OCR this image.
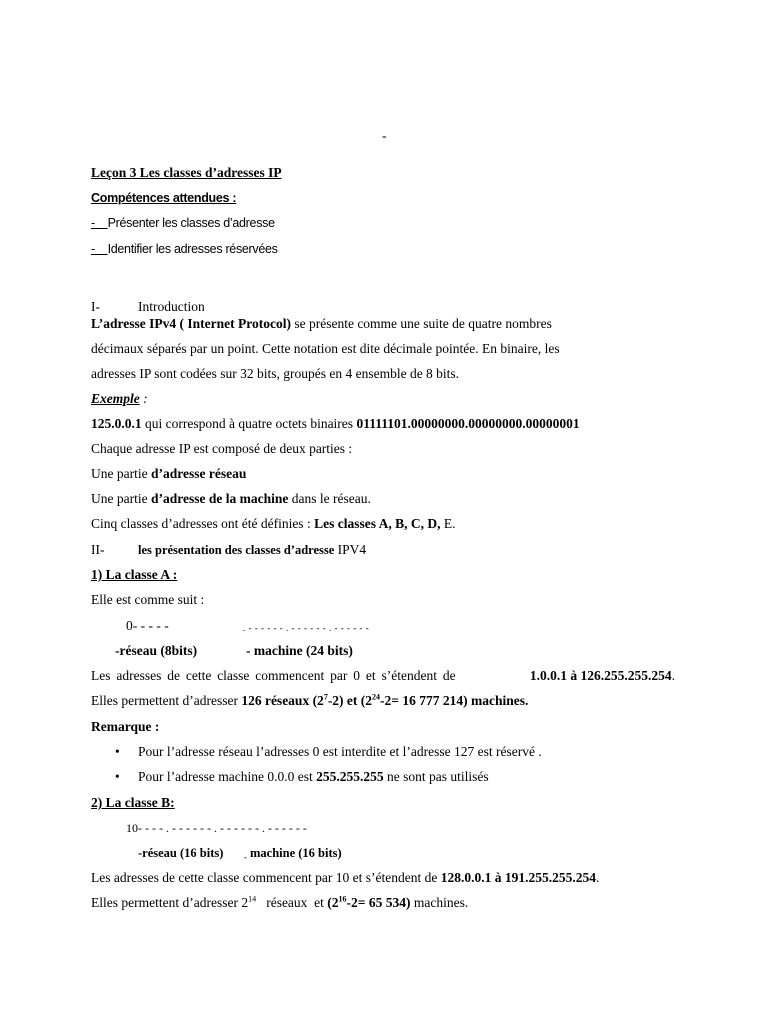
-
Leçon 3 Les classes d’adresses IP
Compétences attendues :
-    Présenter les classes d’adresse
-    Identifier les adresses réservées
I-	Introduction
L’adresse IPv4 ( Internet Protocol) se présente comme une suite de quatre nombres
décimaux séparés par un point. Cette notation est dite décimale pointée. En binaire, les
adresses IP sont codées sur 32 bits, groupés en 4 ensemble de 8 bits.
Exemple :
125.0.0.1 qui correspond à quatre octets binaires 01111101.00000000.00000000.00000001
Chaque adresse IP est composé de deux parties :
Une partie d’adresse réseau
Une partie d’adresse de la machine dans le réseau.
Cinq classes d’adresses ont été définies : Les classes A, B, C, D, E.
II-	les présentation des classes d’adresse IPV4
1) La classe A :
Elle est comme suit :
0- - - - -	. - - - - - - . - - - - - - . - - - - - -
-réseau (8bits)	- machine (24 bits)
Les adresses de cette classe commencent par 0 et s’étendent de	1.0.0.1 à 126.255.255.254.
Elles permettent d’adresser 126 réseaux $(2^7-2)$ et ($2^{24}-2= 16$ 777 214) machines.
Remarque :
• Pour l’adresse réseau l’adresses 0 est interdite et l’adresse 127 est réservé .
• Pour l’adresse machine 0.0.0 est 255.255.255 ne sont pas utilisés
2) La classe B:
10- - - - . - - - - - - . - - - - - - . - - - - - -
-réseau (16 bits) - machine (16 bits)
Les adresses de cette classe commencent par 10 et s’étendent de 128.0.0.1 à 191.255.255.254.
Elles permettent d’adresser $2^{14}$   réseaux  et ($2^{16}-2= 65$ 534) machines.
